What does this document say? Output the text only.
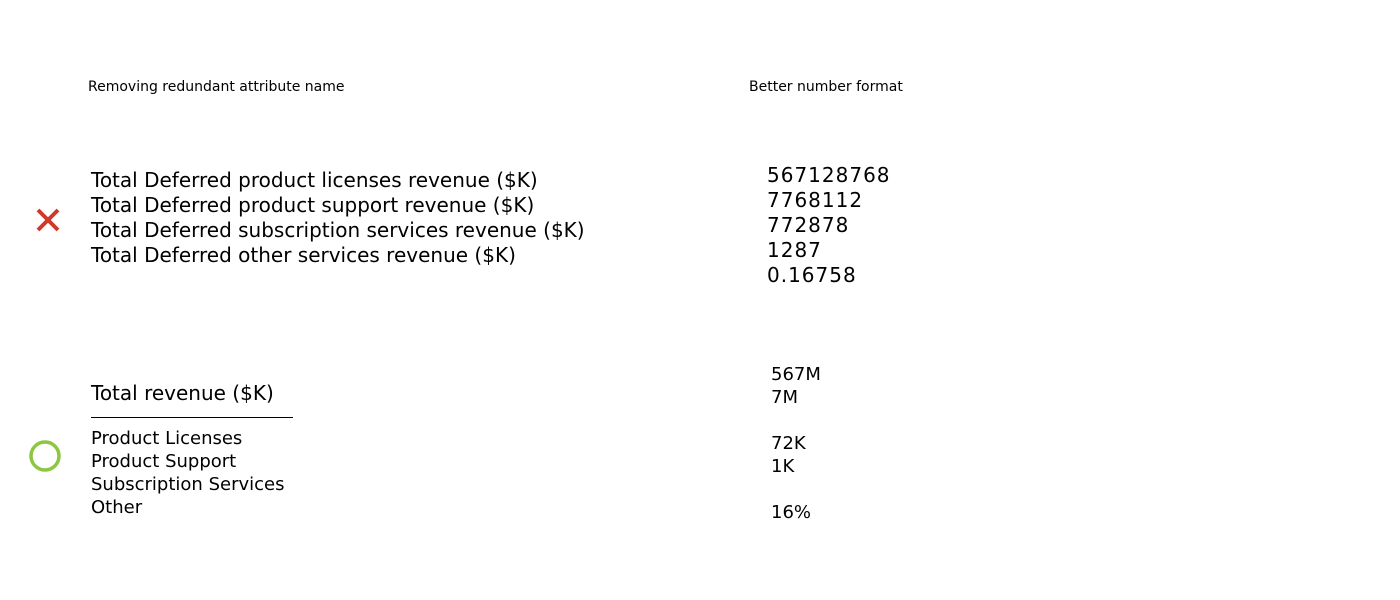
Removing redundant attribute name	Better number format
Total Deferred product licenses revenue ($K)
Total Deferred product support revenue ($K)
Total Deferred subscription services revenue ($K)
Total Deferred other services revenue ($K)
567128768
7768112
772878
1287
0.16758
Total revenue ($K)
Product Licenses
Product Support
Subscription Services
Other
567M
7M
72K
1K
16%
